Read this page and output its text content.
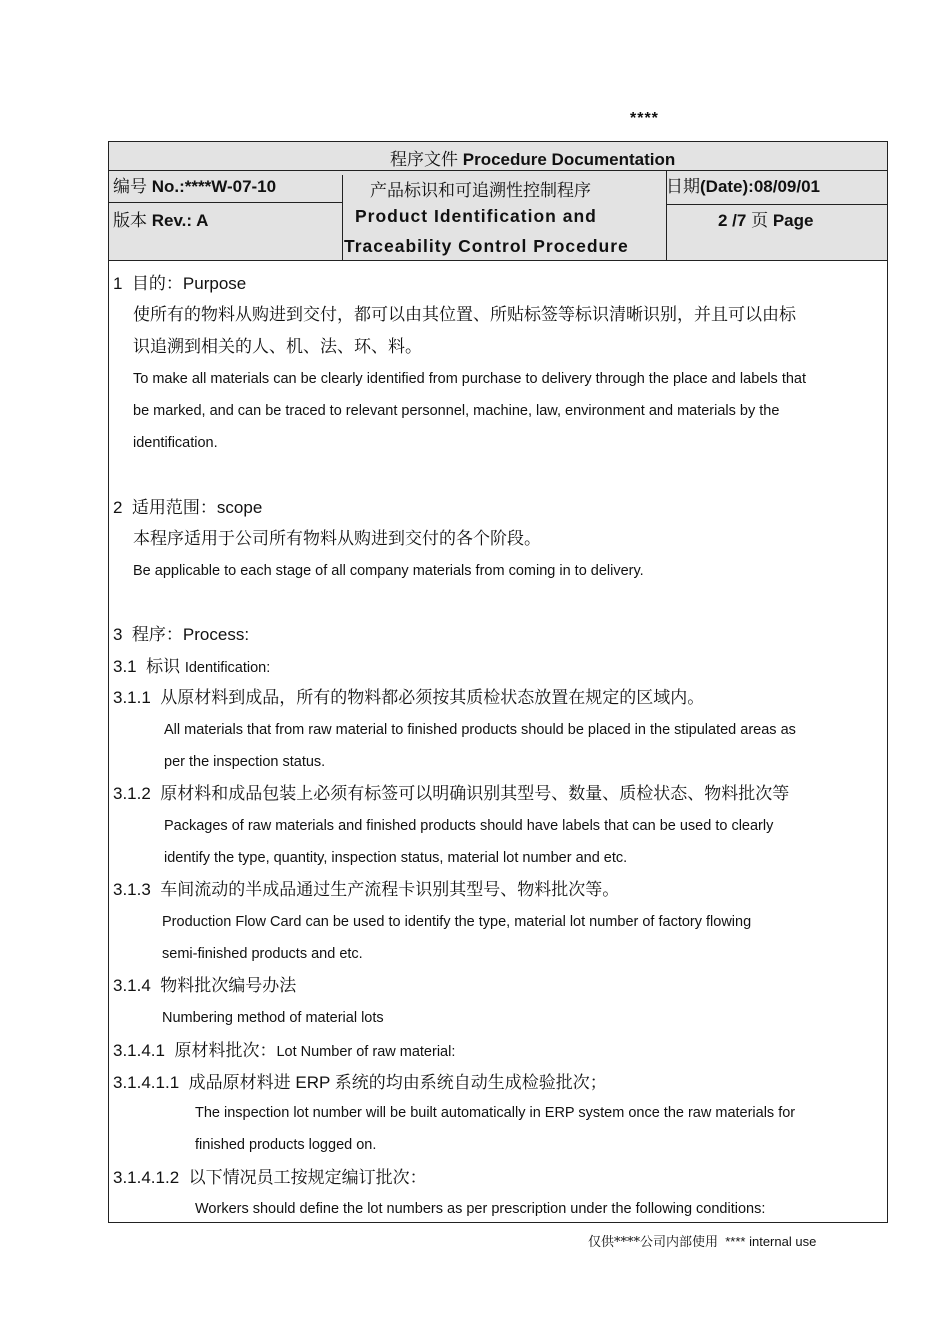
****
程序文件 Procedure Documentation
编号 No.:****W-07-10
版本 Rev.: A
产品标识和可追溯性控制程序
Product Identification and
Traceability Control Procedure
日期(Date):08/09/01
2 /7 页 Page
1 目的：Purpose
使所有的物料从购进到交付，都可以由其位置、所贴标签等标识清晰识别，并且可以由标
识追溯到相关的人、机、法、环、料。
To make all materials can be clearly identified from purchase to delivery through the place and labels that
be marked, and can be traced to relevant personnel, machine, law, environment and materials by the
identification.
2 适用范围：scope
本程序适用于公司所有物料从购进到交付的各个阶段。
Be applicable to each stage of all company materials from coming in to delivery.
3 程序：Process:
3.1 标识 Identification:
3.1.1 从原材料到成品，所有的物料都必须按其质检状态放置在规定的区域内。
All materials that from raw material to finished products should be placed in the stipulated areas as
per the inspection status.
3.1.2 原材料和成品包装上必须有标签可以明确识别其型号、数量、质检状态、物料批次等
Packages of raw materials and finished products should have labels that can be used to clearly
identify the type, quantity, inspection status, material lot number and etc.
3.1.3 车间流动的半成品通过生产流程卡识别其型号、物料批次等。
Production Flow Card can be used to identify the type, material lot number of factory flowing
semi-finished products and etc.
3.1.4 物料批次编号办法
Numbering method of material lots
3.1.4.1 原材料批次：Lot Number of raw material:
3.1.4.1.1 成品原材料进 ERP 系统的均由系统自动生成检验批次；
The inspection lot number will be built automatically in ERP system once the raw materials for
finished products logged on.
3.1.4.1.2 以下情况员工按规定编订批次：
Workers should define the lot numbers as per prescription under the following conditions:
仅供****公司内部使用 **** internal use
